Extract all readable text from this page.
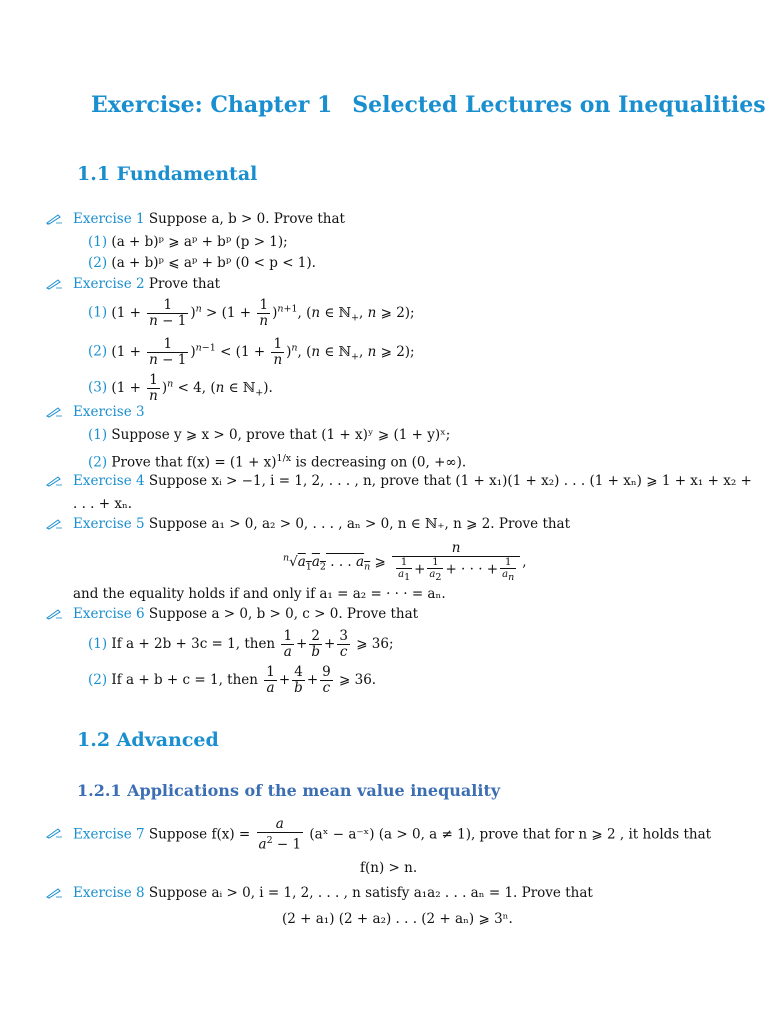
Exercise: Chapter 1 Selected Lectures on Inequalities
1.1 Fundamental
Exercise 1 Suppose a, b > 0. Prove that
(1) (a + b)ᵖ ⩾ aᵖ + bᵖ (p > 1);
(2) (a + b)ᵖ ⩽ aᵖ + bᵖ (0 < p < 1).
Exercise 2 Prove that
(1) $(1 + \frac{1}{n - 1} )^n > (1 + \frac{1}{n} )^{n+1}$, (n ∈ ℕ$_+$, n ⩾ 2);
(2) $(1 + \frac{1}{n - 1} )^{n-1} < (1 + \frac{1}{n} )^n$, (n ∈ ℕ$_+$, n ⩾ 2);
(3) $(1 + \frac{1}{n} )^n < 4$, (n ∈ ℕ$_+$).
Exercise 3
(1) Suppose y ⩾ x > 0, prove that (1 + x)ʸ ⩾ (1 + y)ˣ;
(2) Prove that $f(x) = (1 + x)^{1/x}$ is decreasing on (0, +∞).
Exercise 4 Suppose xᵢ > −1, i = 1, 2, . . . , n, prove that (1 + x₁)(1 + x₂) . . . (1 + xₙ) ⩾ 1 + x₁ + x₂ +
. . . + xₙ.
Exercise 5 Suppose a₁ > 0, a₂ > 0, . . . , aₙ > 0, n ∈ ℕ₊, n ⩾ 2. Prove that
$^n√a_1a_2$ . . . $a_n$ ⩾ $\frac{n}{\frac{1}{a_1} + \frac{1}{a_2} + \cdot \cdot \cdot + \frac{1}{a_n}}$ ,
and the equality holds if and only if a₁ = a₂ = · · · = aₙ.
Exercise 6 Suppose a > 0, b > 0, c > 0. Prove that
(1) If a + 2b + 3c = 1, then $\frac{1}{a} + \frac{2}{b} + \frac{3}{c}$ ⩾ 36;
(2) If a + b + c = 1, then $\frac{1}{a} + \frac{4}{b} + \frac{9}{c}$ ⩾ 36.
1.2 Advanced
1.2.1 Applications of the mean value inequality
Exercise 7 Suppose $f(x) = \frac{a}{a^2 - 1}$ (aˣ − a⁻ˣ) (a > 0, a ≠ 1), prove that for n ⩾ 2 , it holds that
f(n) > n.
Exercise 8 Suppose aᵢ > 0, i = 1, 2, . . . , n satisfy a₁a₂ . . . aₙ = 1. Prove that
(2 + a₁) (2 + a₂) . . . (2 + aₙ) ⩾ 3ⁿ.
